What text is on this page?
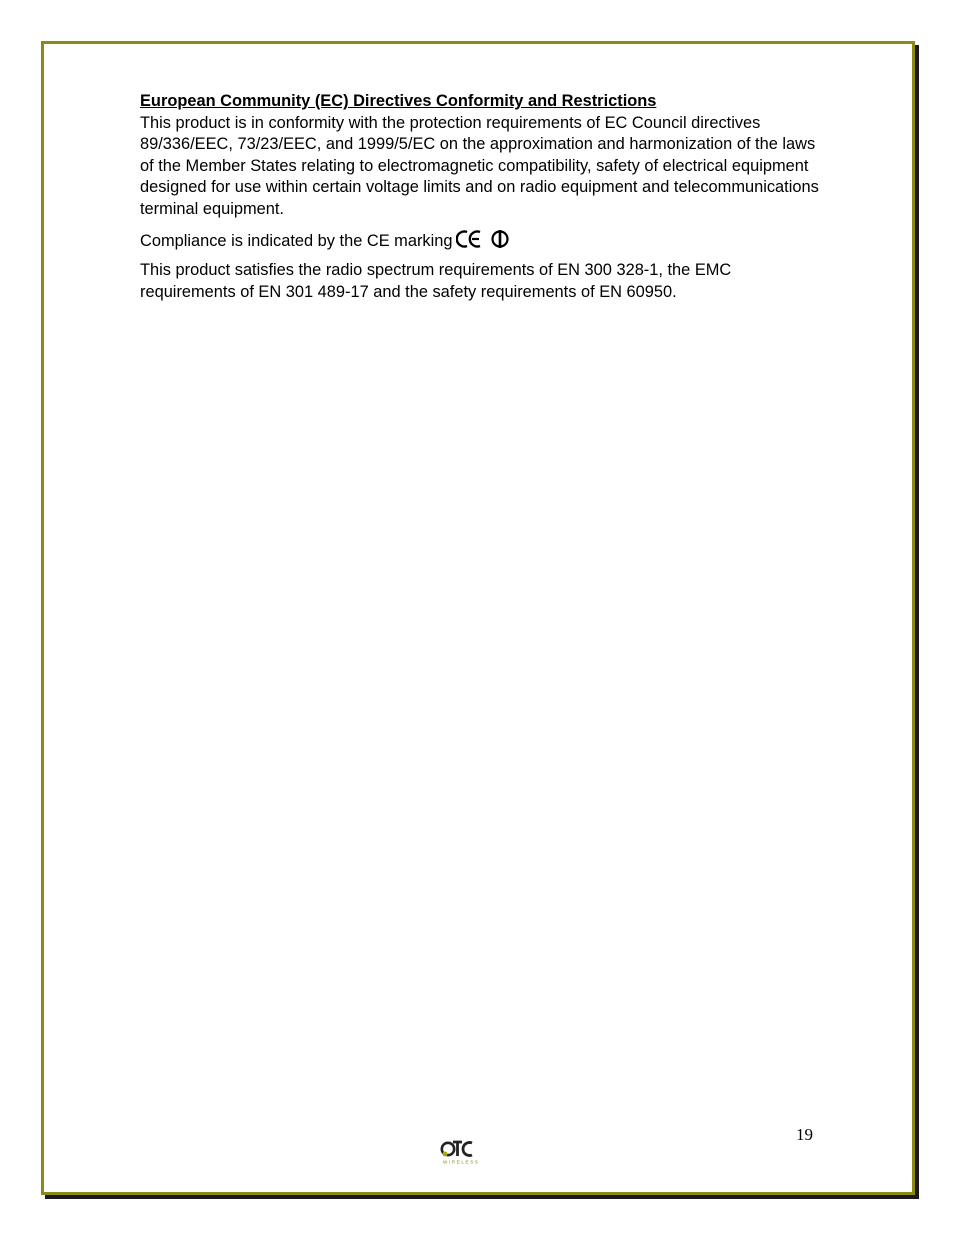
European Community (EC) Directives Conformity and Restrictions

This product is in conformity with the protection requirements of EC Council directives 89/336/EEC, 73/23/EEC, and 1999/5/EC on the approximation and harmonization of the laws of the Member States relating to electromagnetic compatibility, safety of electrical equipment designed for use within certain voltage limits and on radio equipment and telecommunications terminal equipment.

Compliance is indicated by the CE marking

This product satisfies the radio spectrum requirements of EN 300 328-1, the EMC requirements of EN 301 489-17 and the safety requirements of EN 60950.

19
WIRELESS
